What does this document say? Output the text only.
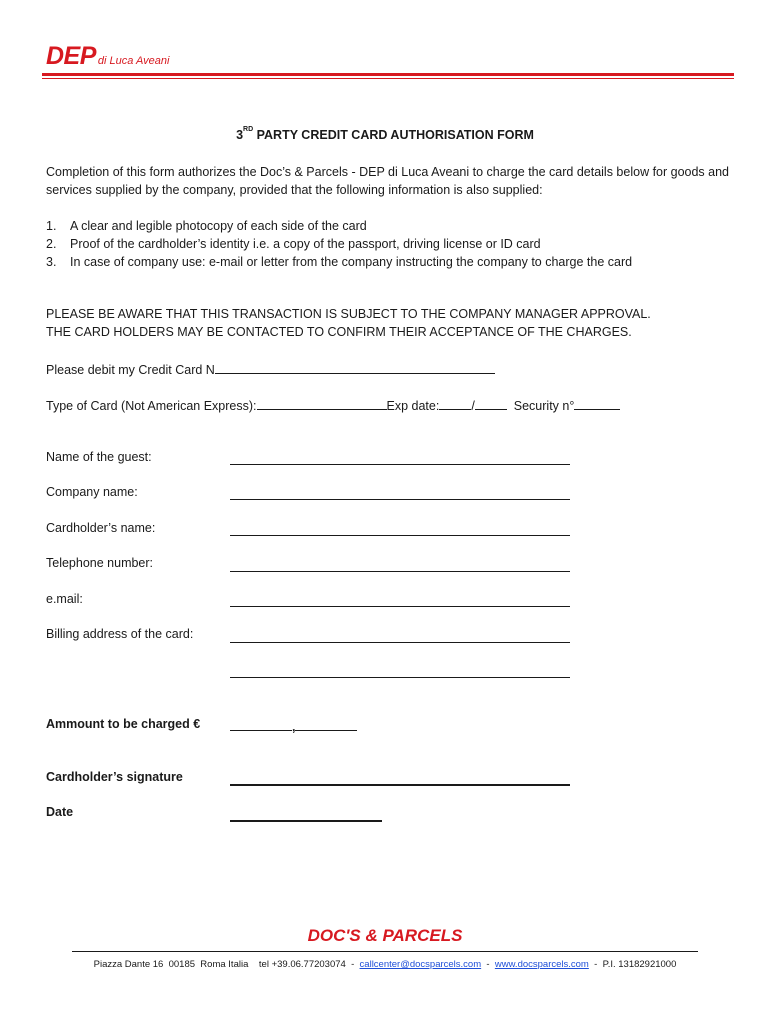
DEP di Luca Aveani
3RD PARTY CREDIT CARD AUTHORISATION FORM
Completion of this form authorizes the Doc’s & Parcels - DEP di Luca Aveani to charge the card details below for goods and services supplied by the company, provided that the following information is also supplied:
1.	A clear and legible photocopy of each side of the card
2.	Proof of the cardholder’s identity i.e. a copy of the passport, driving license or ID card
3.	In case of company use: e-mail or letter from the company instructing the company to charge the card
PLEASE BE AWARE THAT THIS TRANSACTION IS SUBJECT TO THE COMPANY MANAGER APPROVAL.
THE CARD HOLDERS MAY BE CONTACTED TO CONFIRM THEIR ACCEPTANCE OF THE CHARGES.
Please debit my Credit Card N
Type of Card (Not American Express):	Exp date:	/	Security n°
Name of the guest:
Company name:
Cardholder’s name:
Telephone number:
e.mail:
Billing address of the card:
Ammount to be charged €	,
Cardholder’s signature
Date
DOC'S & PARCELS
Piazza Dante 16  00185  Roma Italia    tel +39.06.77203074  -  callcenter@docsparcels.com  -  www.docsparcels.com  -  P.I. 13182921000
